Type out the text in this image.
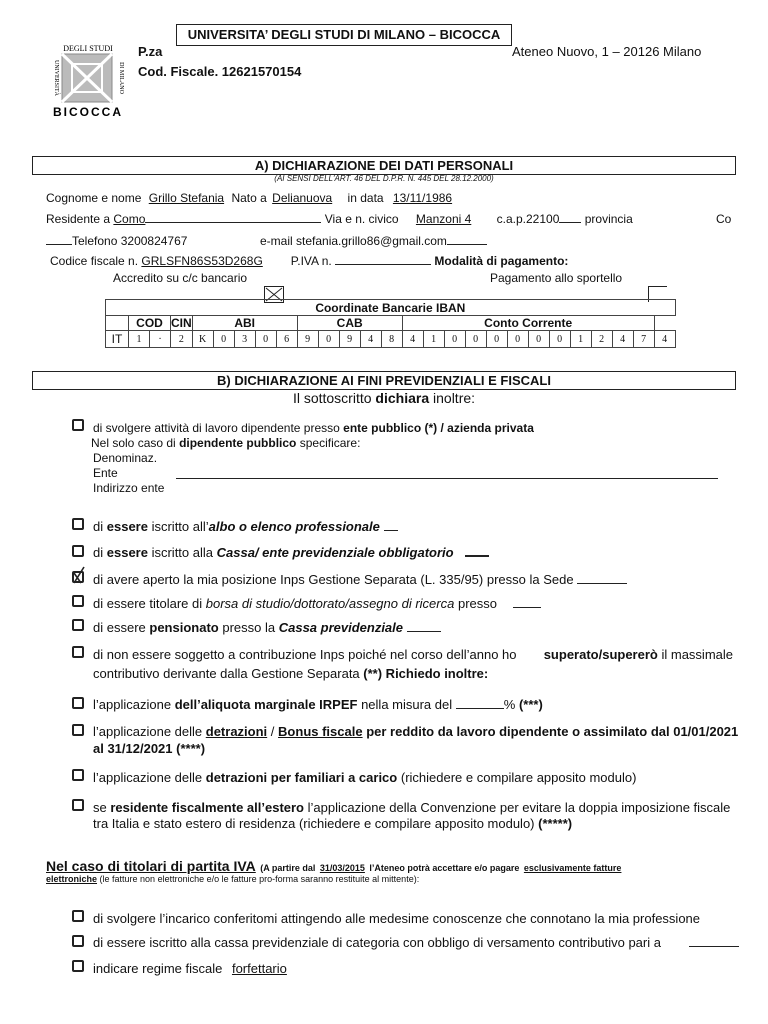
UNIVERSITA’ DEGLI STUDI DI MILANO – BICOCCA
DEGLI STUDI
UNIVERSITÀ	DI MILANO
BICOCCA
P.za	Ateneo Nuovo, 1 – 20126 Milano
Cod. Fiscale. 12621570154
A) DICHIARAZIONE DEI DATI PERSONALI
(AI SENSI DELL'ART. 46 DEL D.P.R. N. 445 DEL 28.12.2000)
Cognome e nome Grillo Stefania Nato a Delianuova in data 13/11/1986
Residente a Como	Via e n. civico Manzoni 4 c.a.p.22100 provincia	Co
Telefono 3200824767	e-mail stefania.grillo86@gmail.com
Codice fiscale n. GRLSFN86S53D268G P.IVA n.	Modalità di pagamento:
Accredito su c/c bancario	Pagamento allo sportello
Coordinate Bancarie IBAN																										
	COD		CIN	ABI					CAB					Conto Corrente												
IT	1	·	2	K	0	3	0	6	9	0	9	4	8	4	1	0	0	0	0	0	0	1	2	4	7	4
B) DICHIARAZIONE AI FINI PREVIDENZIALI E FISCALI
Il sottoscritto dichiara inoltre:
di svolgere attività di lavoro dipendente presso ente pubblico (*) / azienda privata
Nel solo caso di dipendente pubblico specificare:
Denominaz.
Ente
Indirizzo ente
di essere iscritto all’albo o elenco professionale
di essere iscritto alla Cassa/ ente previdenziale obbligatorio
di avere aperto la mia posizione Inps Gestione Separata (L. 335/95) presso la Sede
di essere titolare di borsa di studio/dottorato/assegno di ricerca presso
di essere pensionato presso la Cassa previdenziale
di non essere soggetto a contribuzione Inps poiché nel corso dell’anno ho superato/supererò il massimale
contributivo derivante dalla Gestione Separata (**) Richiedo inoltre:
l’applicazione dell’aliquota marginale IRPEF nella misura del	% (***)
l’applicazione delle detrazioni / Bonus fiscale per reddito da lavoro dipendente o assimilato dal 01/01/2021
al 31/12/2021 (****)
l’applicazione delle detrazioni per familiari a carico (richiedere e compilare apposito modulo)
se residente fiscalmente all’estero l’applicazione della Convenzione per evitare la doppia imposizione fiscale
tra Italia e stato estero di residenza (richiedere e compilare apposito modulo) (*****)
Nel caso di titolari di partita IVA (A partire dal 31/03/2015 l’Ateneo potrà accettare e/o pagare esclusivamente fatture
elettroniche (le fatture non elettroniche e/o le fatture pro-forma saranno restituite al mittente):
di svolgere l’incarico conferitomi attingendo alle medesime conoscenze che connotano la mia professione
di essere iscritto alla cassa previdenziale di categoria con obbligo di versamento contributivo pari a
indicare regime fiscale forfettario
